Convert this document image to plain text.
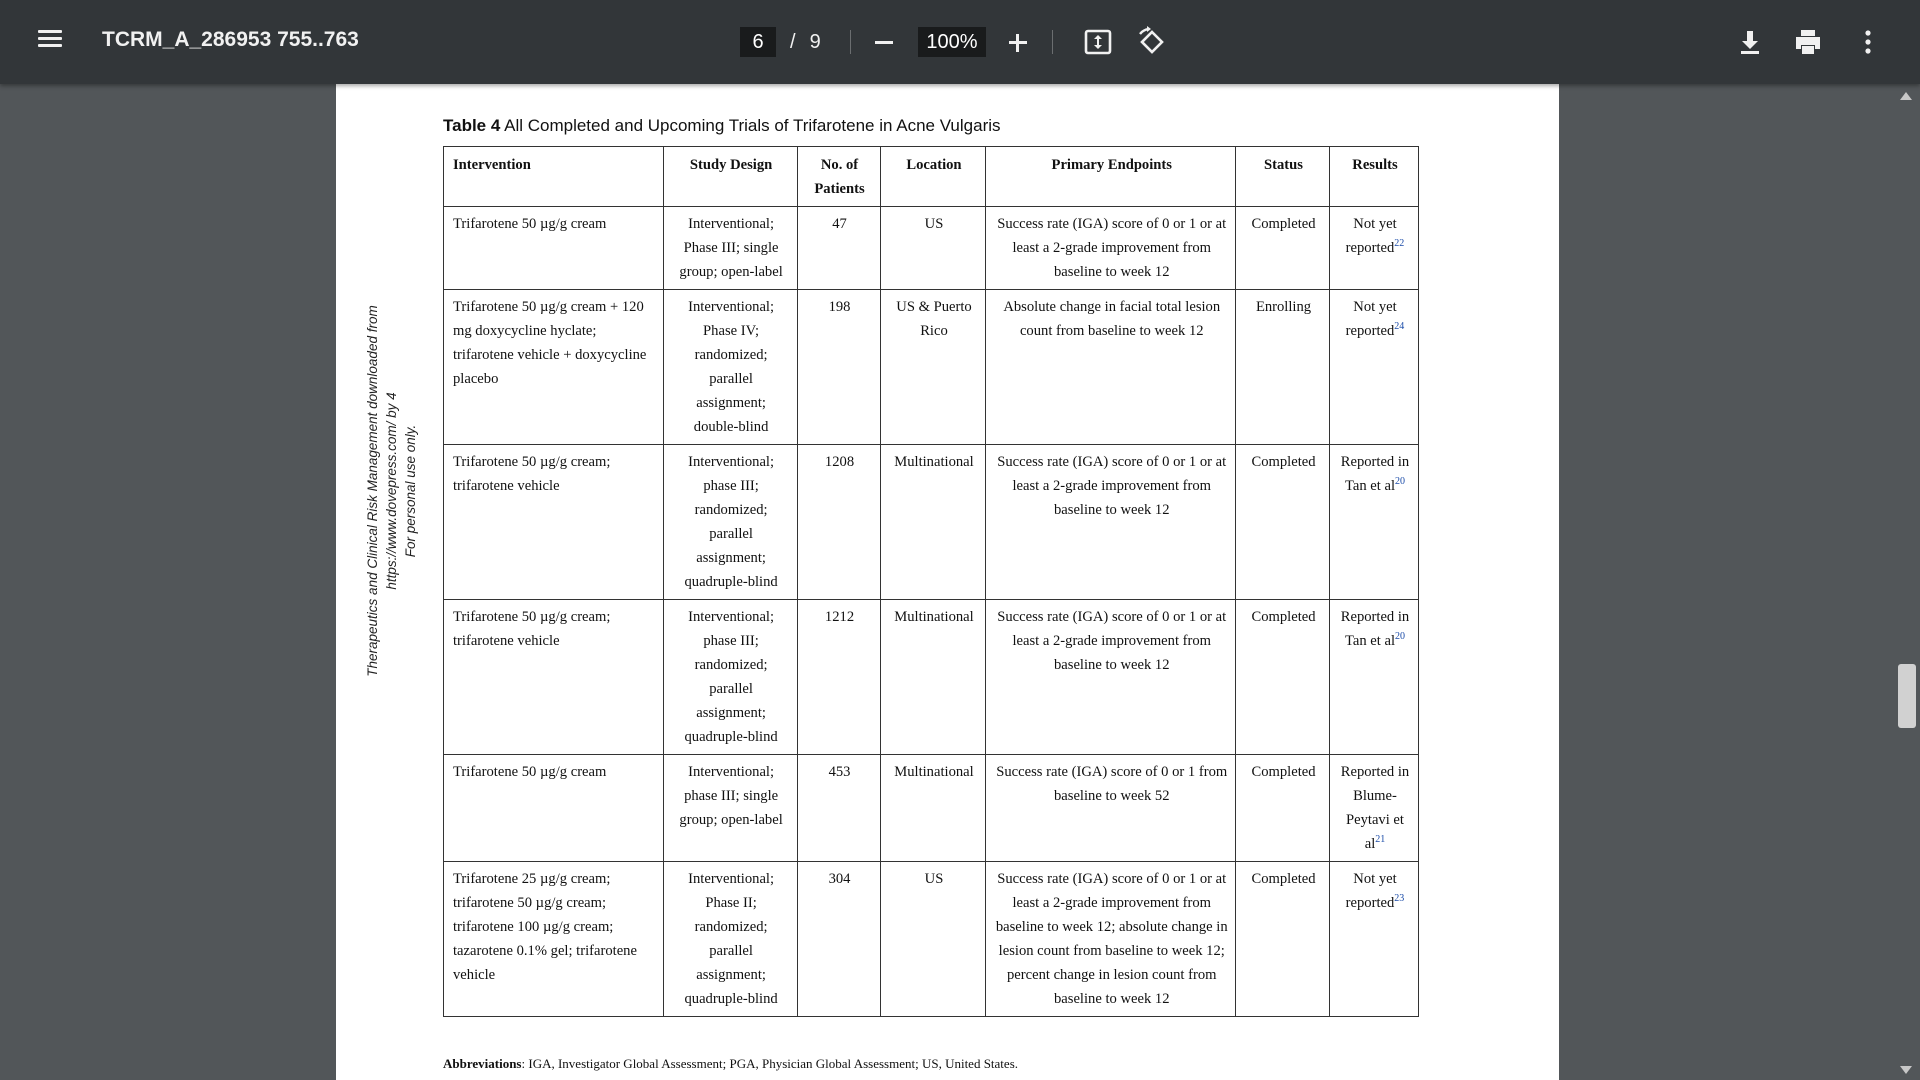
TCRM_A_286953 755..763
6	/ 9
100%
Therapeutics and Clinical Risk Management downloaded from https://www.dovepress.com/ by 4 For personal use only.
Table 4 All Completed and Upcoming Trials of Trifarotene in Acne Vulgaris
Intervention	Study Design	No. of Patients	Location	Primary Endpoints	Status	Results
Trifarotene 50 µg/g cream	Interventional; Phase III; single group; open-label	47	US	Success rate (IGA) score of 0 or 1 or at least a 2-grade improvement from baseline to week 12	Completed	Not yet reported$^{22}$
Trifarotene 50 µg/g cream + 120 mg doxycycline hyclate; trifarotene vehicle + doxycycline placebo	Interventional; Phase IV; randomized; parallel assignment; double-blind	198	US & Puerto Rico	Absolute change in facial total lesion count from baseline to week 12	Enrolling	Not yet reported$^{24}$
Trifarotene 50 µg/g cream; trifarotene vehicle	Interventional; phase III; randomized; parallel assignment; quadruple-blind	1208	Multinational	Success rate (IGA) score of 0 or 1 or at least a 2-grade improvement from baseline to week 12	Completed	Reported in Tan et al$^{20}$
Trifarotene 50 µg/g cream; trifarotene vehicle	Interventional; phase III; randomized; parallel assignment; quadruple-blind	1212	Multinational	Success rate (IGA) score of 0 or 1 or at least a 2-grade improvement from baseline to week 12	Completed	Reported in Tan et al$^{20}$
Trifarotene 50 µg/g cream	Interventional; phase III; single group; open-label	453	Multinational	Success rate (IGA) score of 0 or 1 from baseline to week 52	Completed	Reported in Blume-Peytavi et al$^{21}$
Trifarotene 25 µg/g cream; trifarotene 50 µg/g cream; trifarotene 100 µg/g cream; tazarotene 0.1% gel; trifarotene vehicle	Interventional; Phase II; randomized; parallel assignment; quadruple-blind	304	US	Success rate (IGA) score of 0 or 1 or at least a 2-grade improvement from baseline to week 12; absolute change in lesion count from baseline to week 12; percent change in lesion count from baseline to week 12	Completed	Not yet reported$^{23}$
Abbreviations: IGA, Investigator Global Assessment; PGA, Physician Global Assessment; US, United States.
